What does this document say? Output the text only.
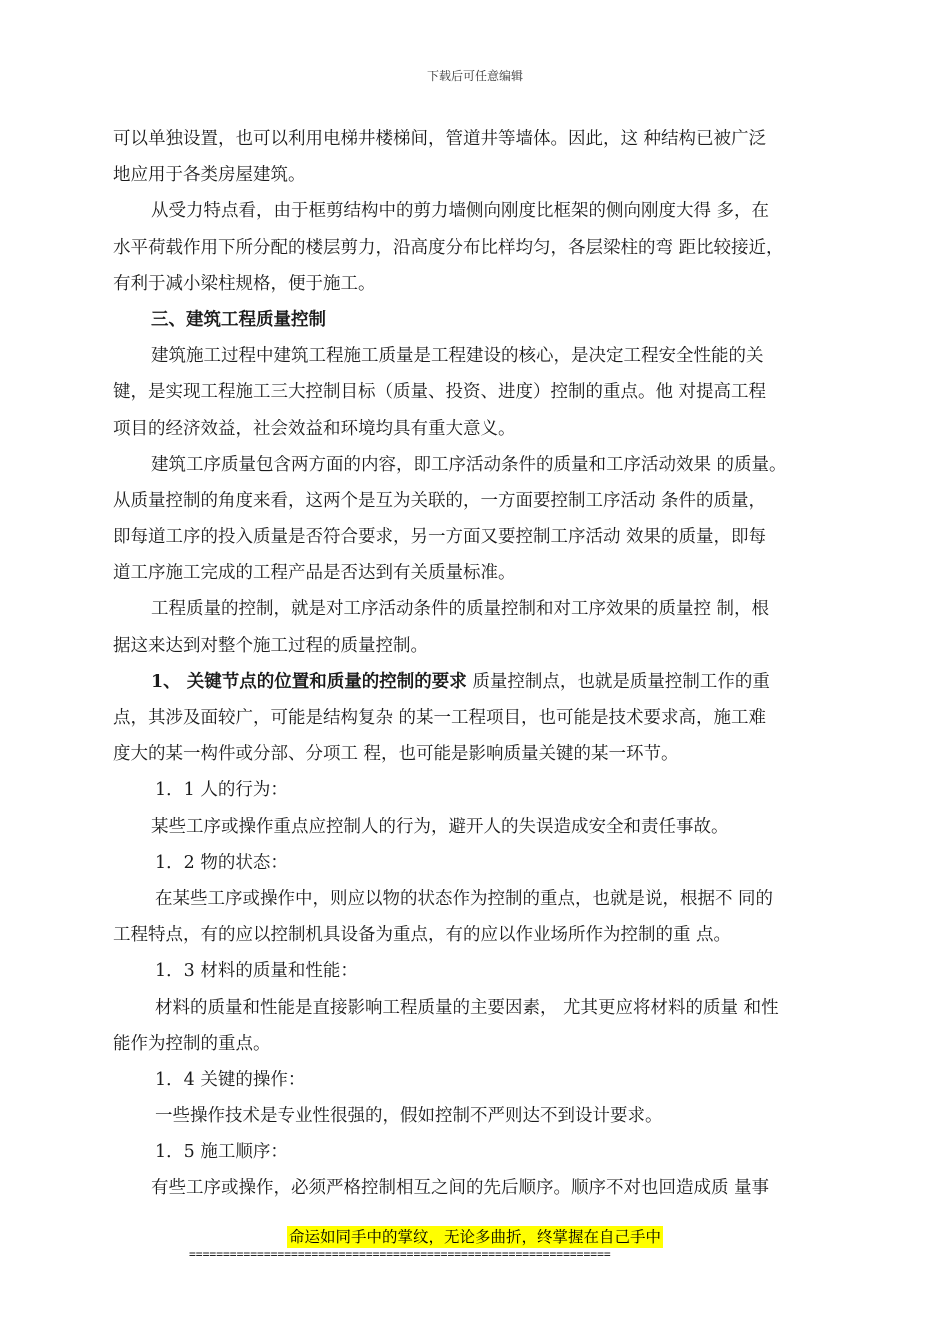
下载后可任意编辑
可以单独设置，也可以利用电梯井楼梯间，管道井等墙体。因此，这 种结构已被广泛
地应用于各类房屋建筑。
从受力特点看，由于框剪结构中的剪力墙侧向刚度比框架的侧向刚度大得 多，在
水平荷载作用下所分配的楼层剪力，沿高度分布比样均匀，各层梁柱的弯 距比较接近，
有利于减小梁柱规格，便于施工。
三、建筑工程质量控制
建筑施工过程中建筑工程施工质量是工程建设的核心，是决定工程安全性能的关
键，是实现工程施工三大控制目标（质量、投资、进度）控制的重点。他 对提高工程
项目的经济效益，社会效益和环境均具有重大意义。
建筑工序质量包含两方面的内容，即工序活动条件的质量和工序活动效果 的质量。
从质量控制的角度来看，这两个是互为关联的，一方面要控制工序活动 条件的质量，
即每道工序的投入质量是否符合要求，另一方面又要控制工序活动 效果的质量，即每
道工序施工完成的工程产品是否达到有关质量标准。
工程质量的控制，就是对工序活动条件的质量控制和对工序效果的质量控 制，根
据这来达到对整个施工过程的质量控制。
1、 关键节点的位置和质量的控制的要求 质量控制点，也就是质量控制工作的重
点，其涉及面较广，可能是结构复杂 的某一工程项目，也可能是技术要求高，施工难
度大的某一构件或分部、分项工 程，也可能是影响质量关键的某一环节。
1．1 人的行为：
某些工序或操作重点应控制人的行为，避开人的失误造成安全和责任事故。
1．2 物的状态：
在某些工序或操作中，则应以物的状态作为控制的重点，也就是说，根据不 同的
工程特点，有的应以控制机具设备为重点，有的应以作业场所作为控制的重 点。
1．3 材料的质量和性能：
材料的质量和性能是直接影响工程质量的主要因素， 尤其更应将材料的质量 和性
能作为控制的重点。
1．4 关键的操作：
一些操作技术是专业性很强的，假如控制不严则达不到设计要求。
1．5 施工顺序：
有些工序或操作，必须严格控制相互之间的先后顺序。顺序不对也回造成质 量事
命运如同手中的掌纹，无论多曲折，终掌握在自己手中
==============================================================
